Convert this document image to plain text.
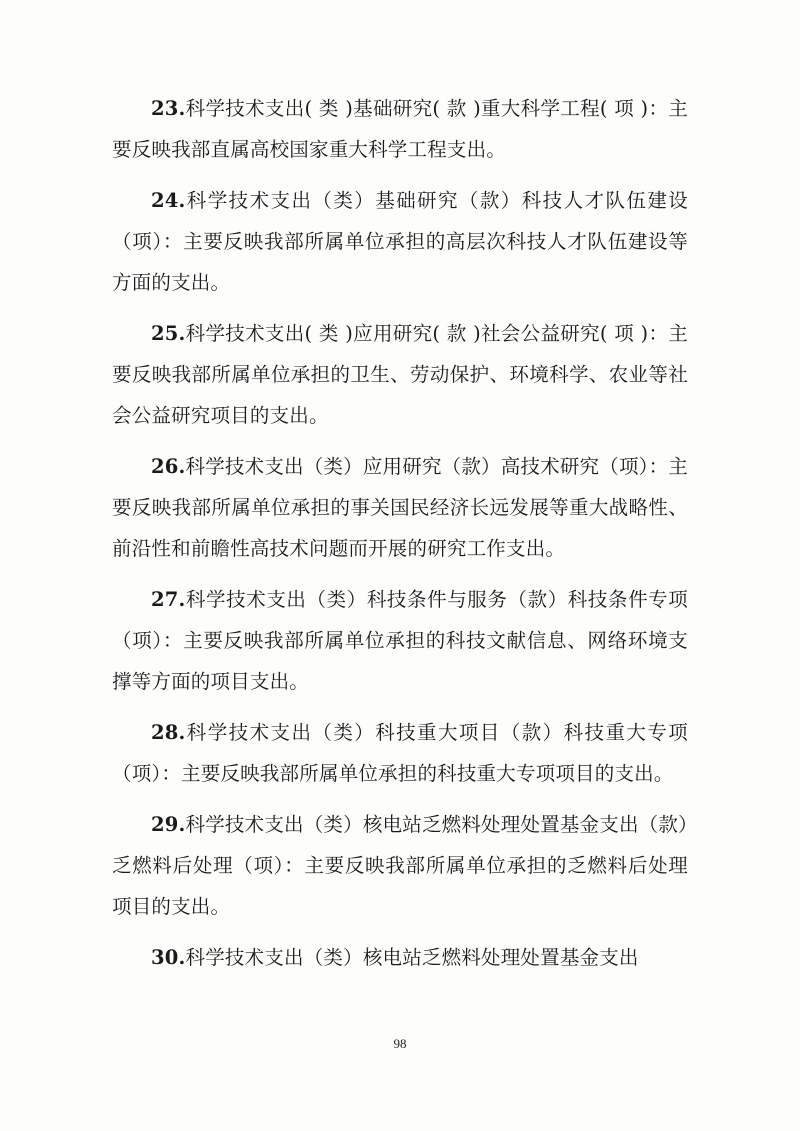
23.科学技术支出( 类 )基础研究( 款 )重大科学工程( 项 )：主要反映我部直属高校国家重大科学工程支出。

24.科学技术支出（类）基础研究（款）科技人才队伍建设（项）：主要反映我部所属单位承担的高层次科技人才队伍建设等方面的支出。

25.科学技术支出( 类 )应用研究( 款 )社会公益研究( 项 )：主要反映我部所属单位承担的卫生、劳动保护、环境科学、农业等社会公益研究项目的支出。

26.科学技术支出（类）应用研究（款）高技术研究（项）：主要反映我部所属单位承担的事关国民经济长远发展等重大战略性、前沿性和前瞻性高技术问题而开展的研究工作支出。

27.科学技术支出（类）科技条件与服务（款）科技条件专项（项）：主要反映我部所属单位承担的科技文献信息、网络环境支撑等方面的项目支出。

28.科学技术支出（类）科技重大项目（款）科技重大专项（项）：主要反映我部所属单位承担的科技重大专项项目的支出。

29.科学技术支出（类）核电站乏燃料处理处置基金支出（款）乏燃料后处理（项）：主要反映我部所属单位承担的乏燃料后处理项目的支出。

30.科学技术支出（类）核电站乏燃料处理处置基金支出

98
